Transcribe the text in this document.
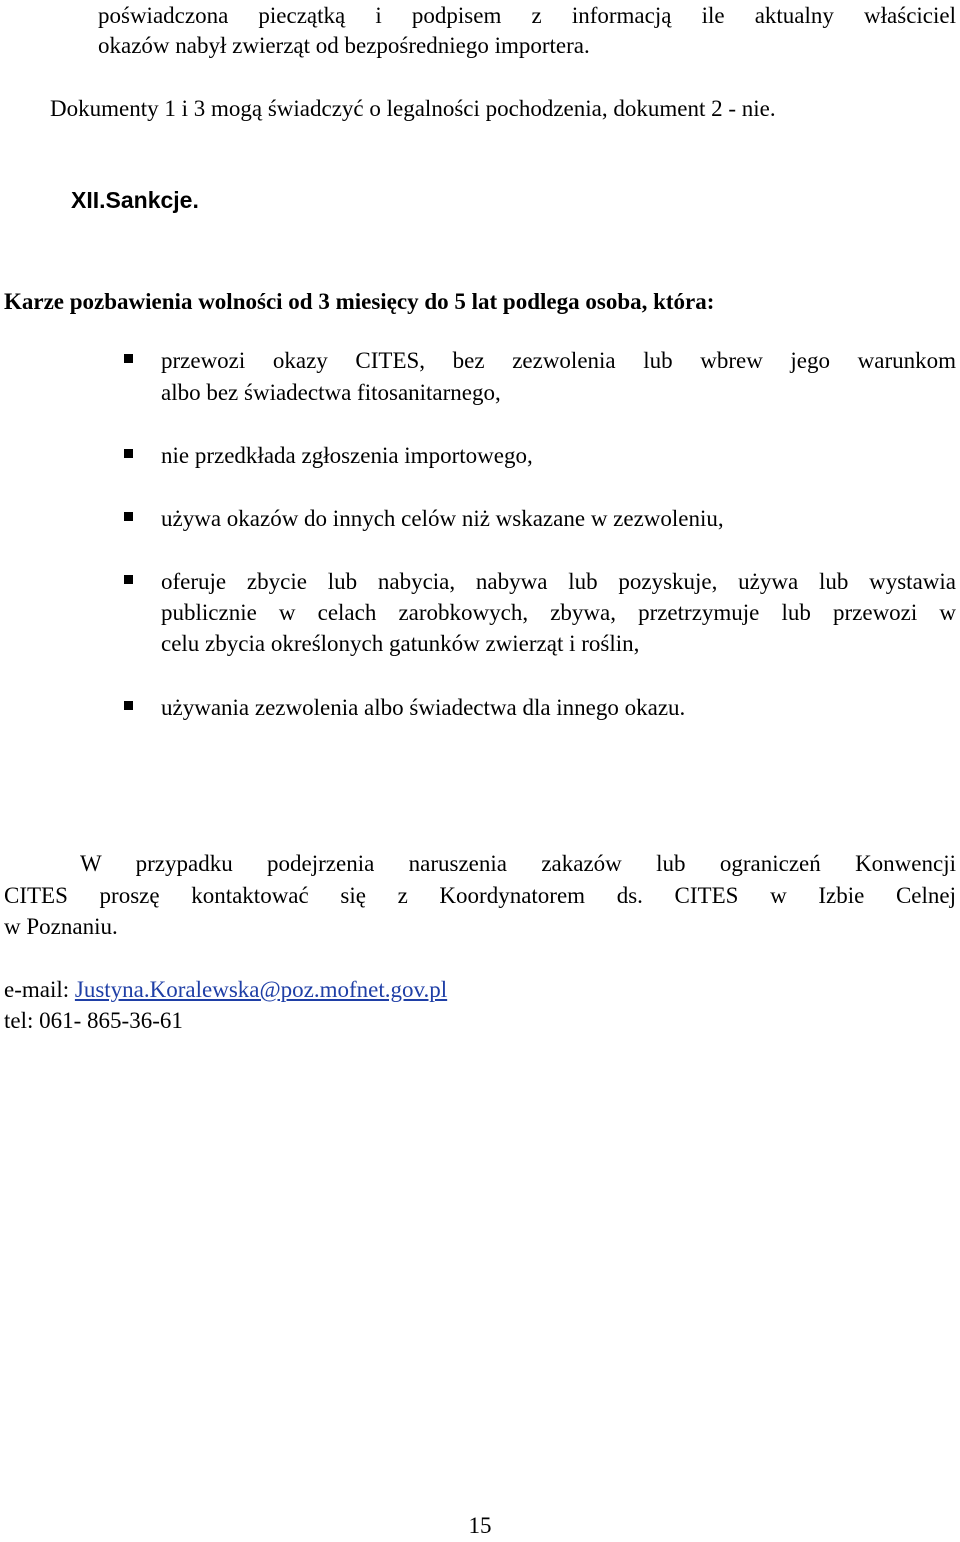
poświadczona pieczątką i podpisem z informacją ile aktualny właściciel
okazów nabył zwierząt od bezpośredniego importera.
Dokumenty 1 i 3 mogą świadczyć o legalności pochodzenia, dokument 2 - nie.
XII.Sankcje.
Karze pozbawienia wolności od 3 miesięcy do 5 lat podlega osoba, która:
przewozi okazy CITES, bez zezwolenia lub wbrew jego warunkom
albo bez świadectwa fitosanitarnego,
nie przedkłada zgłoszenia importowego,
używa okazów do innych celów niż wskazane w zezwoleniu,
oferuje zbycie lub nabycia, nabywa lub pozyskuje, używa lub wystawia
publicznie w celach zarobkowych, zbywa, przetrzymuje lub przewozi w
celu zbycia określonych gatunków zwierząt i roślin,
używania zezwolenia albo świadectwa dla innego okazu.
W przypadku podejrzenia naruszenia zakazów lub ograniczeń Konwencji
CITES proszę kontaktować się z Koordynatorem ds. CITES w Izbie Celnej
w Poznaniu.
e-mail: Justyna.Koralewska@poz.mofnet.gov.pl
tel: 061- 865-36-61
15
